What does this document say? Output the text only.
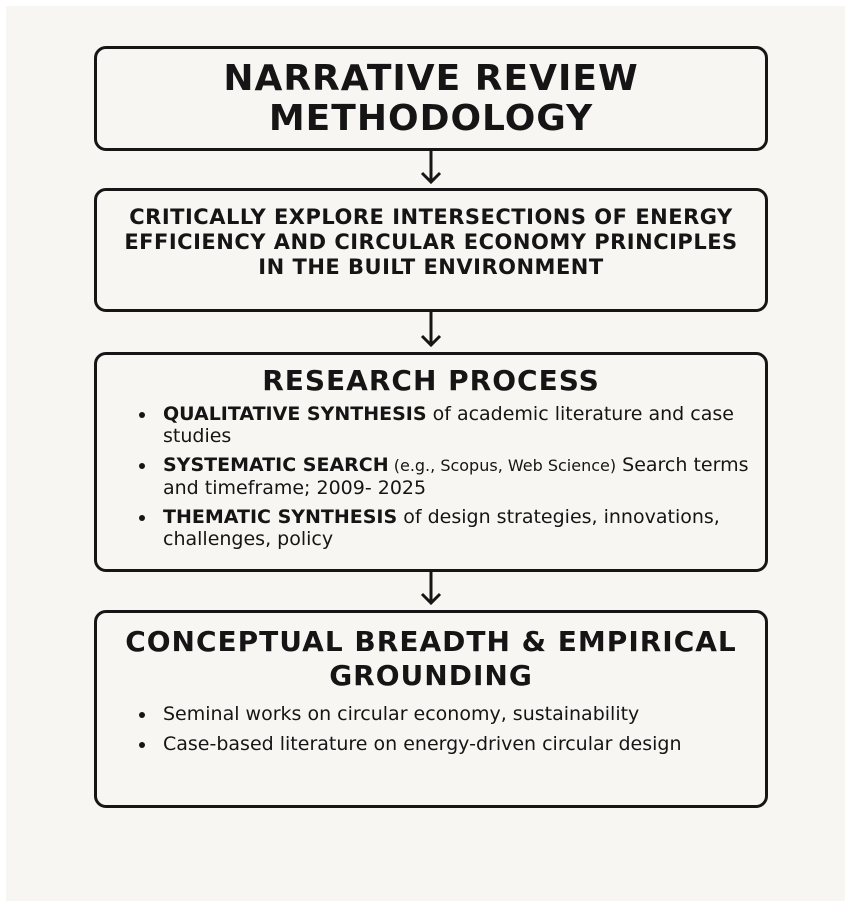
NARRATIVE REVIEW METHODOLOGY
CRITICALLY EXPLORE INTERSECTIONS OF ENERGY EFFICIENCY AND CIRCULAR ECONOMY PRINCIPLES IN THE BUILT ENVIRONMENT
RESEARCH PROCESS
QUALITATIVE SYNTHESIS of academic literature and case studies
SYSTEMATIC SEARCH (e.g., Scopus, Web Science) Search terms and timeframe; 2009- 2025
THEMATIC SYNTHESIS of design strategies, innovations, challenges, policy
CONCEPTUAL BREADTH & EMPIRICAL GROUNDING
Seminal works on circular economy, sustainability
Case-based literature on energy-driven circular design
